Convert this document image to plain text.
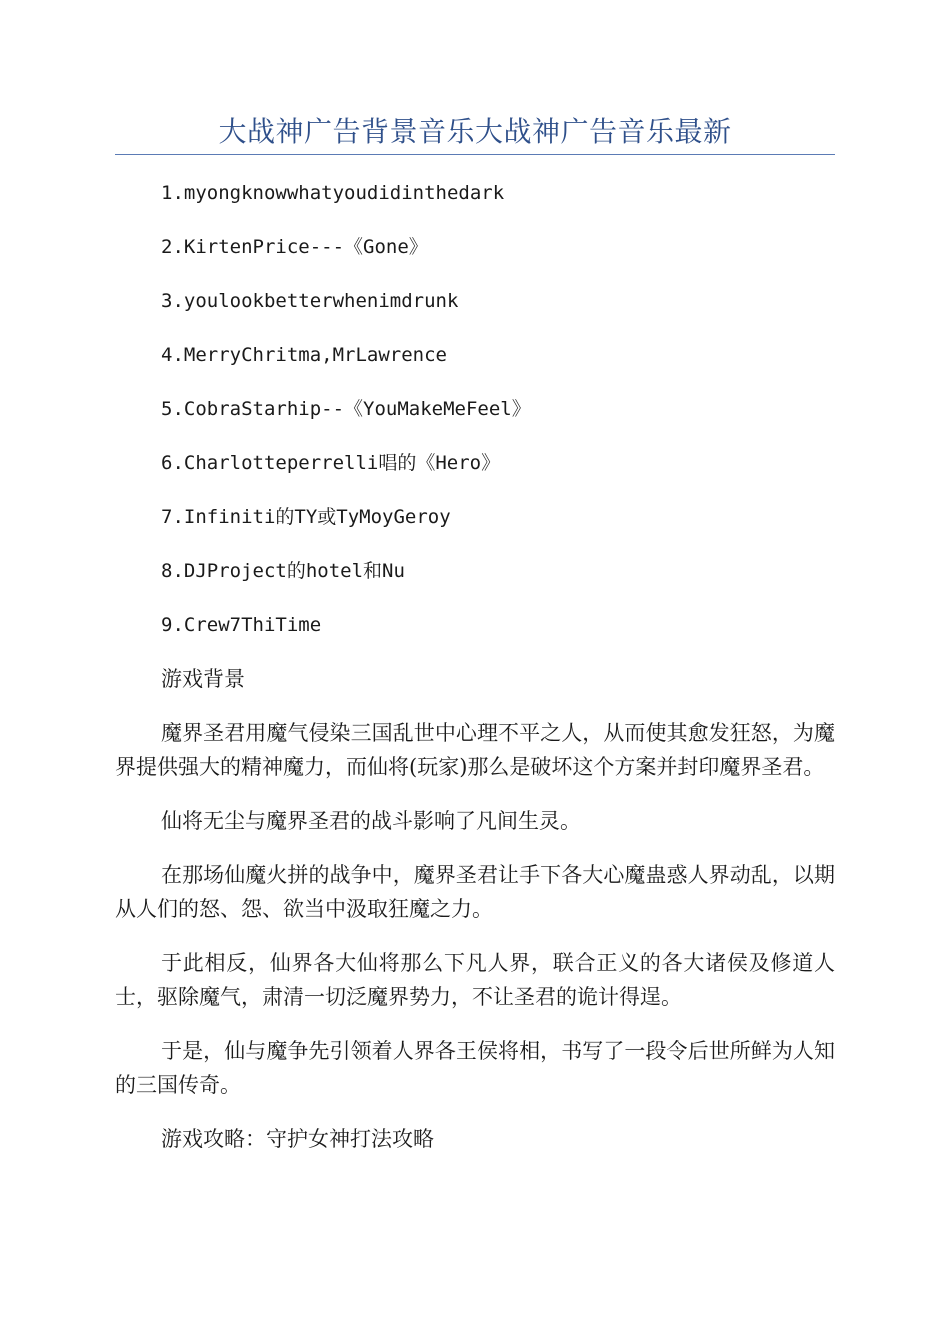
大战神广告背景音乐大战神广告音乐最新
1.myongknowwhatyoudidinthedark
2.KirtenPrice---《Gone》
3.youlookbetterwhenimdrunk
4.MerryChritma,MrLawrence
5.CobraStarhip--《YouMakeMeFeel》
6.Charlotteperrelli唱的《Hero》
7.Infiniti的TY或TyMoyGeroy
8.DJProject的hotel和Nu
9.Crew7ThiTime
游戏背景

魔界圣君用魔气侵染三国乱世中心理不平之人，从而使其愈发狂怒，为魔界提供强大的精神魔力，而仙将(玩家)那么是破坏这个方案并封印魔界圣君。

仙将无尘与魔界圣君的战斗影响了凡间生灵。

在那场仙魔火拼的战争中，魔界圣君让手下各大心魔蛊惑人界动乱，以期从人们的怒、怨、欲当中汲取狂魔之力。

于此相反，仙界各大仙将那么下凡人界，联合正义的各大诸侯及修道人士，驱除魔气，肃清一切泛魔界势力，不让圣君的诡计得逞。

于是，仙与魔争先引领着人界各王侯将相，书写了一段令后世所鲜为人知的三国传奇。

游戏攻略：守护女神打法攻略
